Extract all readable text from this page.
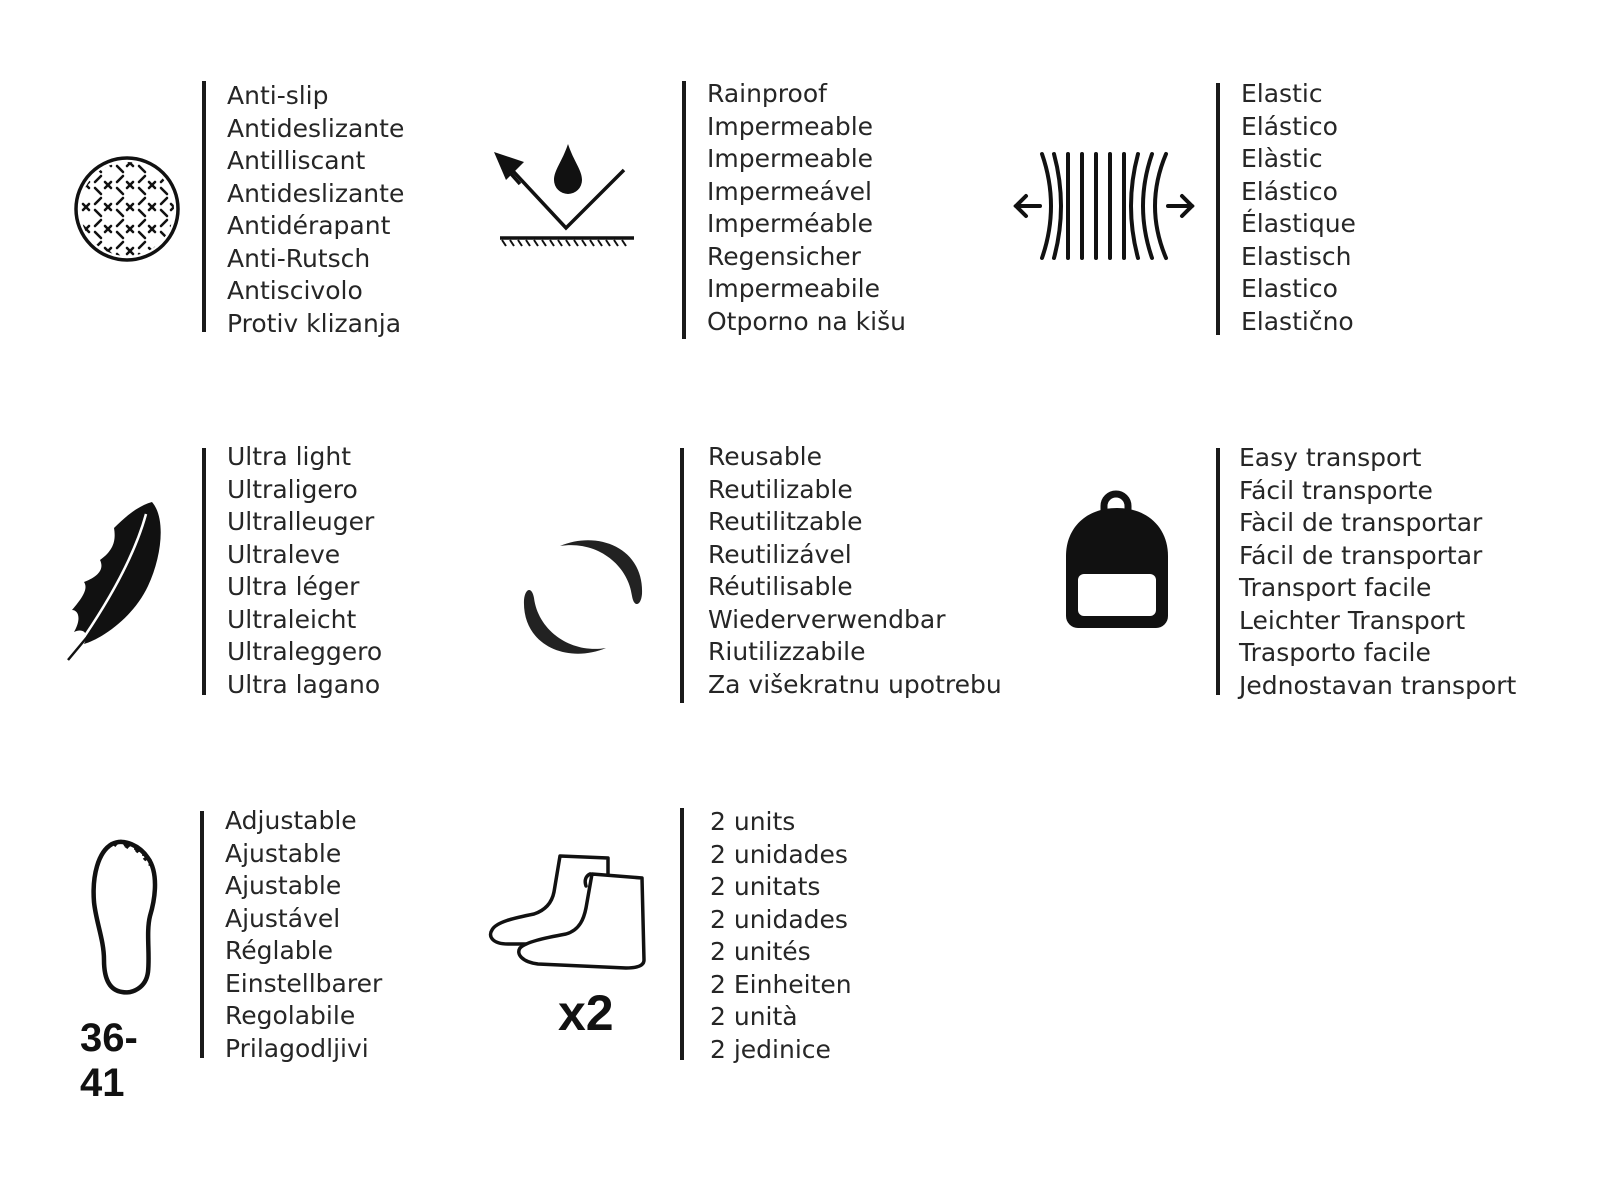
Anti-slip
Antideslizante
Antilliscant
Antideslizante
Antidérapant
Anti-Rutsch
Antiscivolo
Protiv klizanja
Rainproof
Impermeable
Impermeable
Impermeável
Imperméable
Regensicher
Impermeabile
Otporno na kišu
Elastic
Elástico
Elàstic
Elástico
Élastique
Elastisch
Elastico
Elastično
Ultra light
Ultraligero
Ultralleuger
Ultraleve
Ultra léger
Ultraleicht
Ultraleggero
Ultra lagano
Reusable
Reutilizable
Reutilitzable
Reutilizável
Réutilisable
Wiederverwendbar
Riutilizzabile
Za višekratnu upotrebu
Easy transport
Fácil transporte
Fàcil de transportar
Fácil de transportar
Transport facile
Leichter Transport
Trasporto facile
Jednostavan transport
36-41
Adjustable
Ajustable
Ajustable
Ajustável
Réglable
Einstellbarer
Regolabile
Prilagodljivi
x2
2 units
2 unidades
2 unitats
2 unidades
2 unités
2 Einheiten
2 unità
2 jedinice
